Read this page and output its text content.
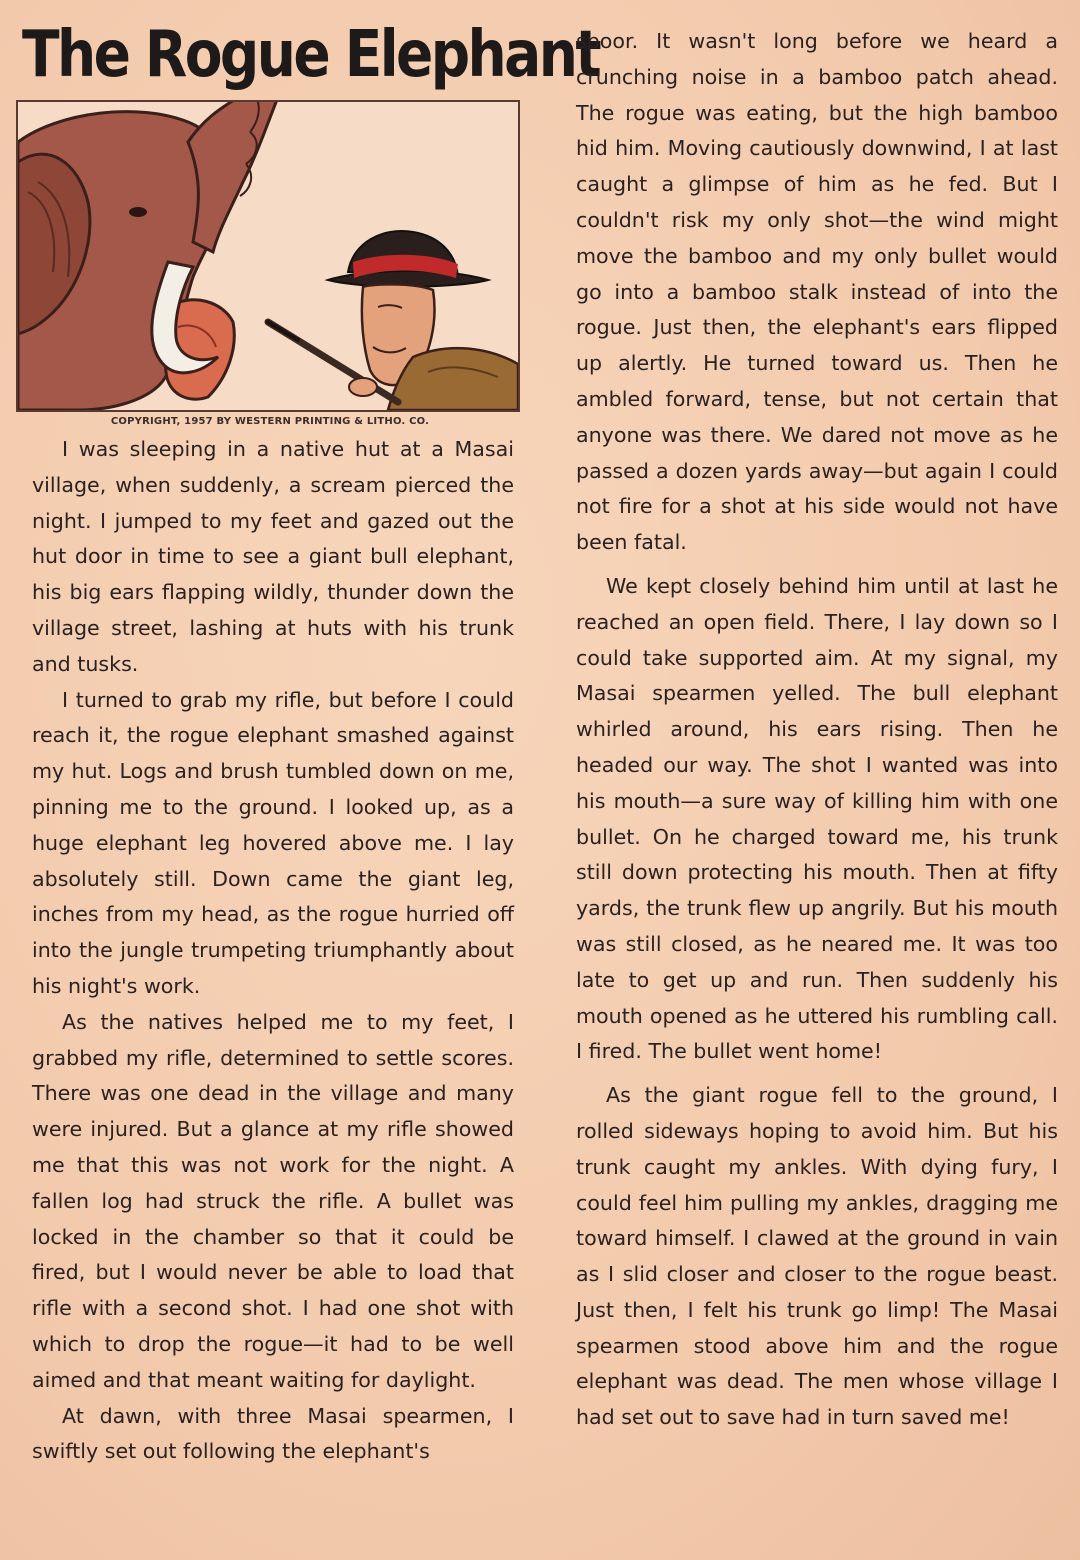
The Rogue Elephant
COPYRIGHT, 1957 BY WESTERN PRINTING & LITHO. CO.

I was sleeping in a native hut at a Masai village, when suddenly, a scream pierced the night. I jumped to my feet and gazed out the hut door in time to see a giant bull elephant, his big ears flapping wildly, thunder down the village street, lashing at huts with his trunk and tusks.

I turned to grab my rifle, but before I could reach it, the rogue elephant smashed against my hut. Logs and brush tumbled down on me, pinning me to the ground. I looked up, as a huge elephant leg hovered above me. I lay absolutely still. Down came the giant leg, inches from my head, as the rogue hurried off into the jungle trumpeting triumphantly about his night's work.

As the natives helped me to my feet, I grabbed my rifle, determined to settle scores. There was one dead in the village and many were injured. But a glance at my rifle showed me that this was not work for the night. A fallen log had struck the rifle. A bullet was locked in the chamber so that it could be fired, but I would never be able to load that rifle with a second shot. I had one shot with which to drop the rogue—it had to be well aimed and that meant waiting for daylight.

At dawn, with three Masai spearmen, I swiftly set out following the elephant's

spoor. It wasn't long before we heard a crunching noise in a bamboo patch ahead. The rogue was eating, but the high bamboo hid him. Moving cautiously downwind, I at last caught a glimpse of him as he fed. But I couldn't risk my only shot—the wind might move the bamboo and my only bullet would go into a bamboo stalk instead of into the rogue. Just then, the elephant's ears flipped up alertly. He turned toward us. Then he ambled forward, tense, but not certain that anyone was there. We dared not move as he passed a dozen yards away—but again I could not fire for a shot at his side would not have been fatal.

We kept closely behind him until at last he reached an open field. There, I lay down so I could take supported aim. At my signal, my Masai spearmen yelled. The bull elephant whirled around, his ears rising. Then he headed our way. The shot I wanted was into his mouth—a sure way of killing him with one bullet. On he charged toward me, his trunk still down protecting his mouth. Then at fifty yards, the trunk flew up angrily. But his mouth was still closed, as he neared me. It was too late to get up and run. Then suddenly his mouth opened as he uttered his rumbling call. I fired. The bullet went home!

As the giant rogue fell to the ground, I rolled sideways hoping to avoid him. But his trunk caught my ankles. With dying fury, I could feel him pulling my ankles, dragging me toward himself. I clawed at the ground in vain as I slid closer and closer to the rogue beast. Just then, I felt his trunk go limp! The Masai spearmen stood above him and the rogue elephant was dead. The men whose village I had set out to save had in turn saved me!
